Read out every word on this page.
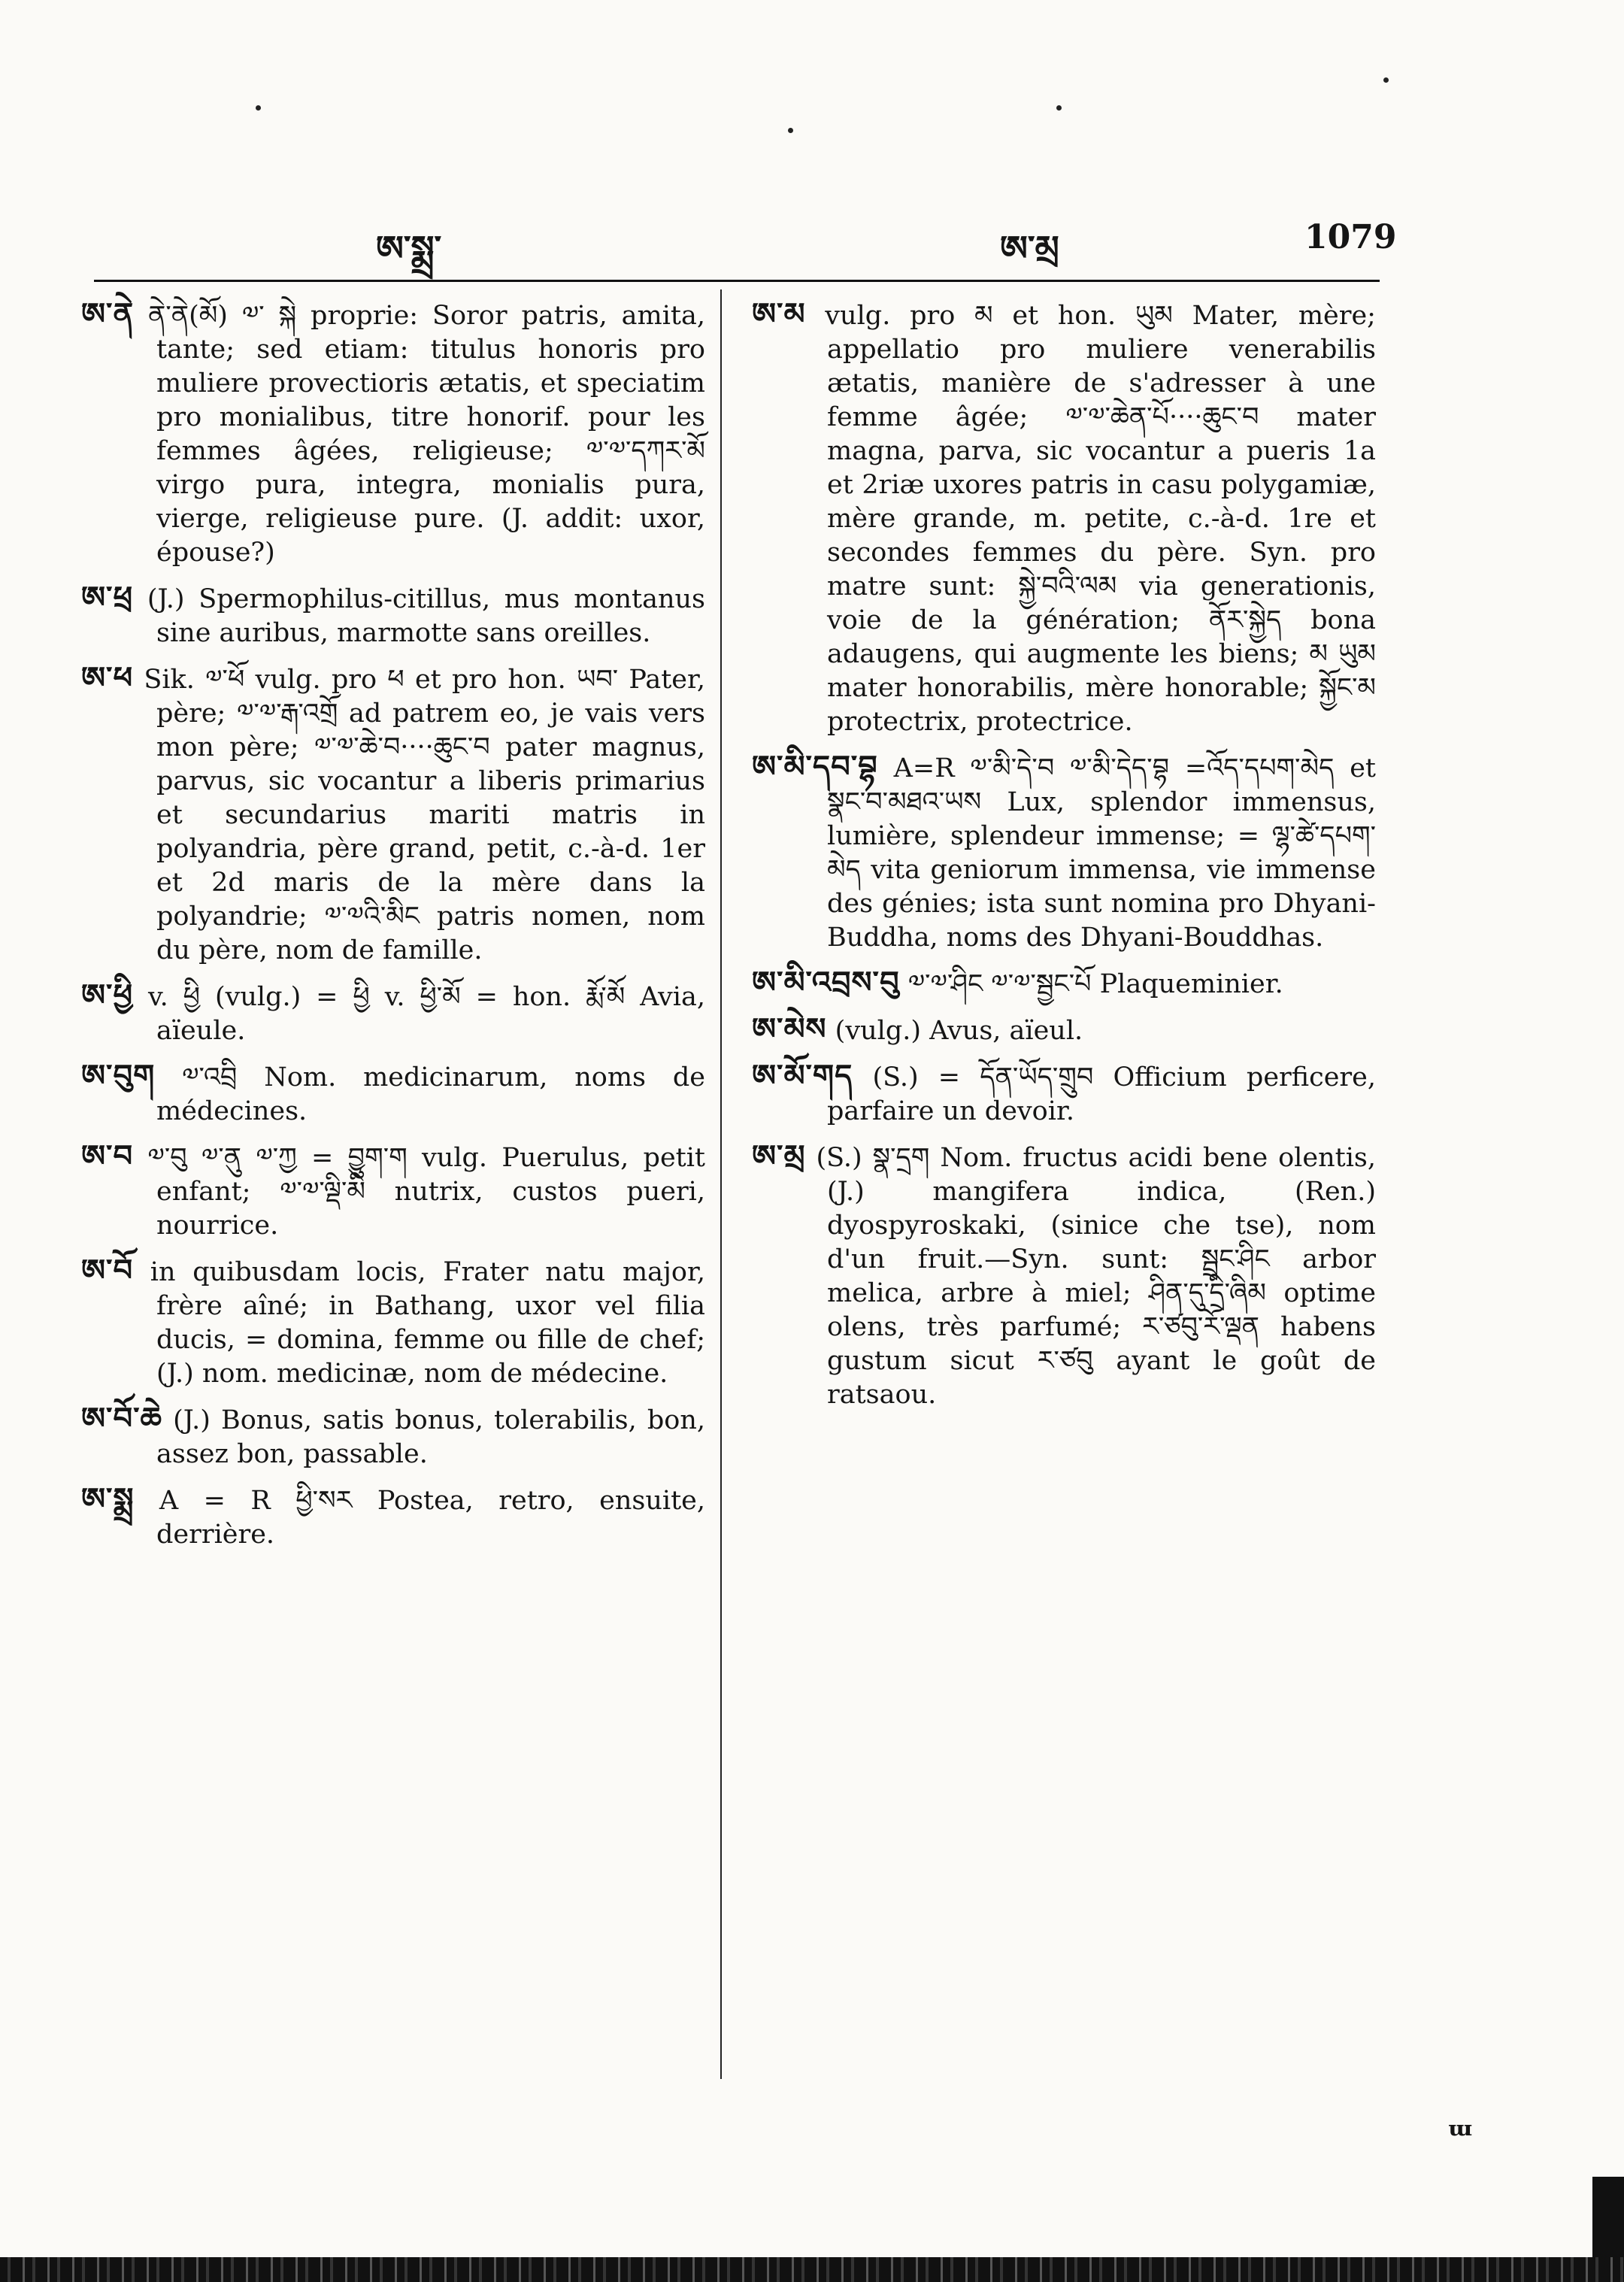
ཨ་སྨྲ་	ཨ་མྲ	1079
ཨ་ནེ ནེ་ནེ(མོ) ༧་ སྐེ proprie: Soror patris, amita, tante; sed etiam: titulus honoris pro muliere provectioris ætatis, et speciatim pro monialibus, titre honorif. pour les femmes âgées, religieuse; ༧་༧་དཀར་མོ virgo pura, integra, monialis pura, vierge, religieuse pure. (J. addit: uxor, épouse?)
ཨ་ཕྲ (J.) Spermophilus-citillus, mus montanus sine auribus, marmotte sans oreilles.
ཨ་ཕ Sik. ༧་ཕོ vulg. pro ཕ et pro hon. ཡབ་ Pater, père; ༧་༧་རྒ་འགྲོ ad patrem eo, je vais vers mon père; ༧་༧་ཆེ་བ····ཆུང་བ pater magnus, parvus, sic vocantur a liberis primarius et secundarius mariti matris in polyandria, père grand, petit, c.-à-d. 1er et 2d maris de la mère dans la polyandrie; ༧་༧འི་མིང patris nomen, nom du père, nom de famille.
ཨ་ཕྱི v. ཕྱི (vulg.) = ཕྱི v. ཕྱི་མོ = hon. རྨོ་མོ Avia, aïeule.
ཨ་བུག ༧་འབྲི Nom. medicinarum, noms de médecines.
ཨ་བ ༧་བུ ༧་ནུ ༧་ཀྱ = བྱུག་ག vulg. Puerulus, petit enfant; ༧་༧་ལྡི་མི nutrix, custos pueri, nourrice.
ཨ་བོ in quibusdam locis, Frater natu major, frère aîné; in Bathang, uxor vel filia ducis, = domina, femme ou fille de chef; (J.) nom. medicinæ, nom de médecine.
ཨ་བོ་ཆེ (J.) Bonus, satis bonus, tolerabilis, bon, assez bon, passable.
ཨ་སྨྲ A = R ཕྱི་སར Postea, retro, ensuite, derrière.
ཨ་མ vulg. pro མ et hon. ཡུམ Mater, mère; appellatio pro muliere venerabilis ætatis, manière de s'adresser à une femme âgée; ༧་༧་ཆེན་པོ····ཆུང་བ mater magna, parva, sic vocantur a pueris 1a et 2riæ uxores patris in casu polygamiæ, mère grande, m. petite, c.-à-d. 1re et secondes femmes du père. Syn. pro matre sunt: སྐྱེ་བའི་ལམ via generationis, voie de la génération; ནོར་སྐྱེད bona adaugens, qui augmente les biens; མ ཡུམ mater honorabilis, mère honorable; སྐྱོང་མ protectrix, protectrice.
ཨ་མི་དབ་བྷ A=R ༧་མི་དེ་བ ༧་མི་དེད་བྷ =འོད་དཔག་མེད et སྣང་བ་མཐའ་ཡས Lux, splendor immensus, lumière, splendeur immense; = ལྷ་ཚེ་དཔག་མེད vita geniorum immensa, vie immense des génies; ista sunt nomina pro Dhyani-Buddha, noms des Dhyani-Bouddhas.
ཨ་མི་འབྲས་བུ ༧་༧་ཤིང ༧་༧་སྦྱང་པོ Plaqueminier.
ཨ་མེས (vulg.) Avus, aïeul.
ཨ་མོ་གད (S.) = དོན་ཡོད་གྲུབ Officium perficere, parfaire un devoir.
ཨ་མྲ (S.) སྣ་དྲག Nom. fructus acidi bene olentis, (J.) mangifera indica, (Ren.) dyospyroskaki, (sinice che tse), nom d'un fruit.—Syn. sunt: སྦྲང་ཤིང arbor melica, arbre à miel; ཤིན་དུ་དྲི་ཞིམ optime olens, très parfumé; ར་ཙབུ་རོ་ལྡན habens gustum sicut ར་ཙབུ ayant le goût de ratsaou.
ᵚ
